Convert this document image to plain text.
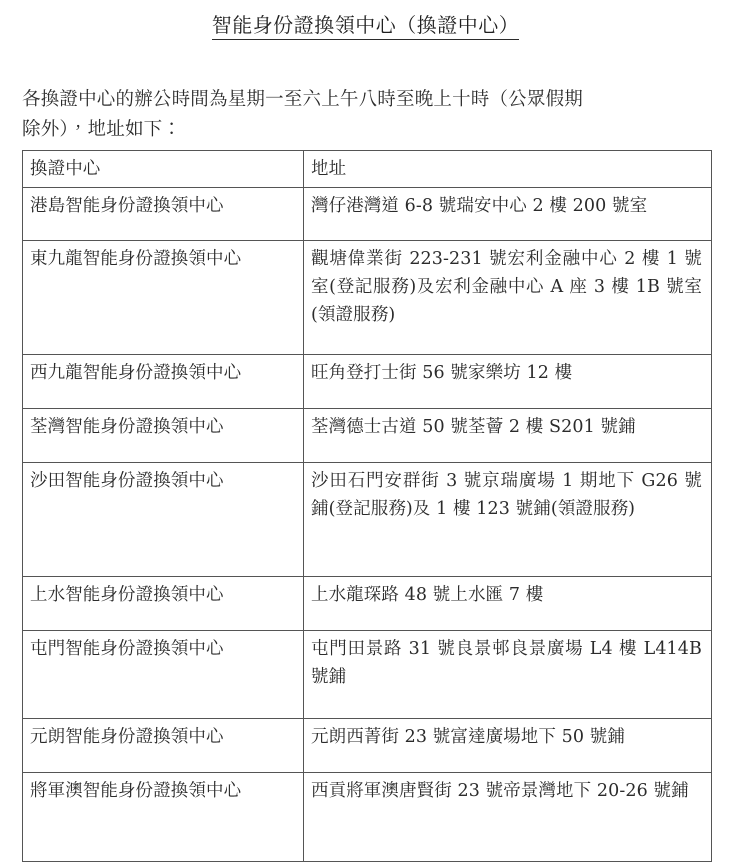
智能身份證換領中心（換證中心）

各換證中心的辦公時間為星期一至六上午八時至晚上十時（公眾假期
除外），地址如下：

換證中心	地址
港島智能身份證換領中心	灣仔港灣道 6-8 號瑞安中心 2 樓 200 號室
東九龍智能身份證換領中心	觀塘偉業街 223-231 號宏利金融中心 2 樓 1 號室(登記服務)及宏利金融中心 A 座 3 樓 1B 號室(領證服務)
西九龍智能身份證換領中心	旺角登打士街 56 號家樂坊 12 樓
荃灣智能身份證換領中心	荃灣德士古道 50 號荃薈 2 樓 S201 號鋪
沙田智能身份證換領中心	沙田石門安群街 3 號京瑞廣場 1 期地下 G26 號鋪(登記服務)及 1 樓 123 號鋪(領證服務)
上水智能身份證換領中心	上水龍琛路 48 號上水匯 7 樓
屯門智能身份證換領中心	屯門田景路 31 號良景邨良景廣場 L4 樓 L414B 號鋪
元朗智能身份證換領中心	元朗西菁街 23 號富達廣場地下 50 號鋪
將軍澳智能身份證換領中心	西貢將軍澳唐賢街 23 號帝景灣地下 20-26 號鋪
